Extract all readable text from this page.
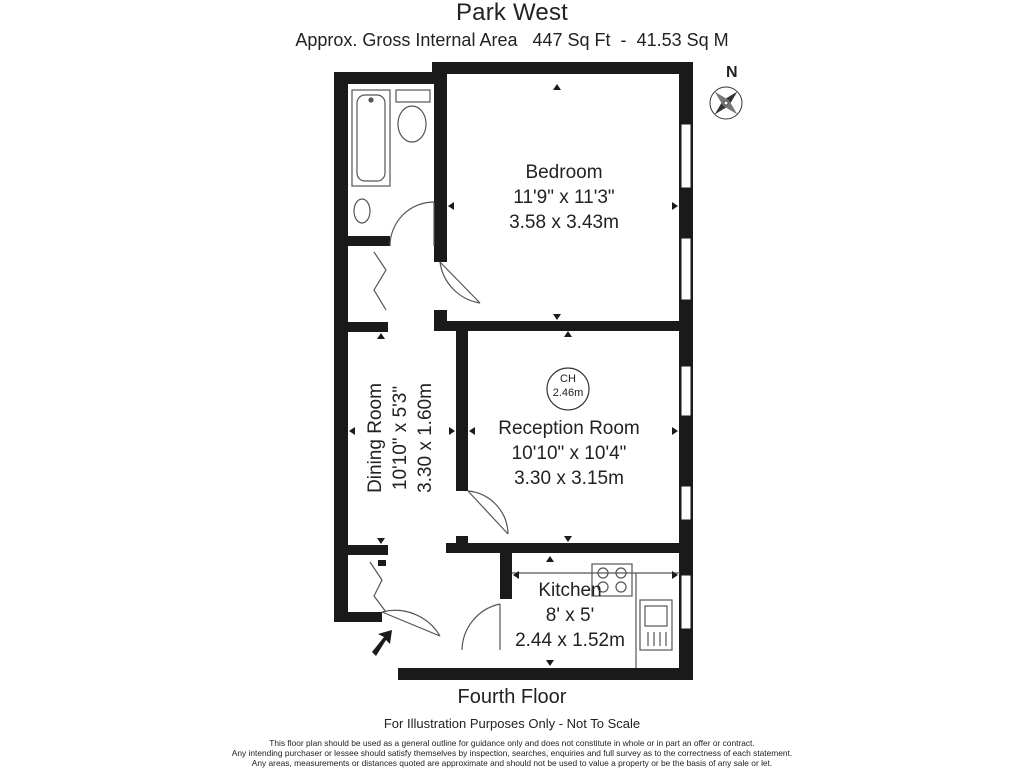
Park West
Approx. Gross Internal Area 447 Sq Ft - 41.53 Sq M
N
Bedroom
11'9" x 11'3"
3.58 x 3.43m
CH
2.46m
Reception Room
10'10" x 10'4"
3.30 x 3.15m
Dining Room 10'10" x 5'3" 3.30 x 1.60m
Kitchen
8' x 5'
2.44 x 1.52m
Fourth Floor
For Illustration Purposes Only - Not To Scale
This floor plan should be used as a general outline for guidance only and does not constitute in whole or in part an offer or contract.
Any intending purchaser or lessee should satisfy themselves by inspection, searches, enquiries and full survey as to the correctness of each statement.
Any areas, measurements or distances quoted are approximate and should not be used to value a property or be the basis of any sale or let.
